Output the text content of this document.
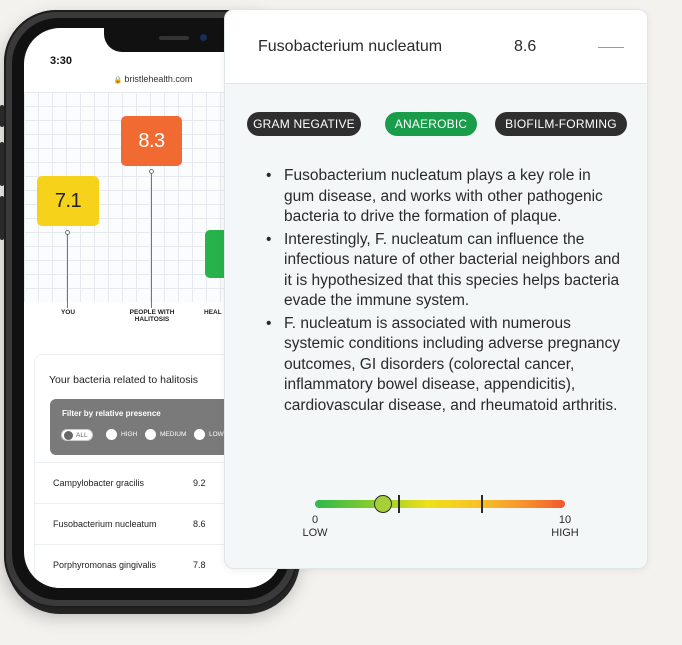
3:30
🔒 bristlehealth.com
7.1
YOU
8.3
PEOPLE WITH HALITOSIS
HEAL
Your bacteria related to halitosis
Filter by relative presence
ALL	HIGH	MEDIUM	LOW
Campylobacter gracilis	9.2
Fusobacterium nucleatum	8.6
Porphyromonas gingivalis	7.8
Fusobacterium nucleatum	8.6
GRAM NEGATIVE	ANAEROBIC	BIOFILM-FORMING
• Fusobacterium nucleatum plays a key role in gum disease, and works with other pathogenic bacteria to drive the formation of plaque.
• Interestingly, F. nucleatum can influence the infectious nature of other bacterial neighbors and it is hypothesized that this species helps bacteria evade the immune system.
• F. nucleatum is associated with numerous systemic conditions including adverse pregnancy outcomes, GI disorders (colorectal cancer, inflammatory bowel disease, appendicitis), cardiovascular disease, and rheumatoid arthritis.
0
LOW
10
HIGH
